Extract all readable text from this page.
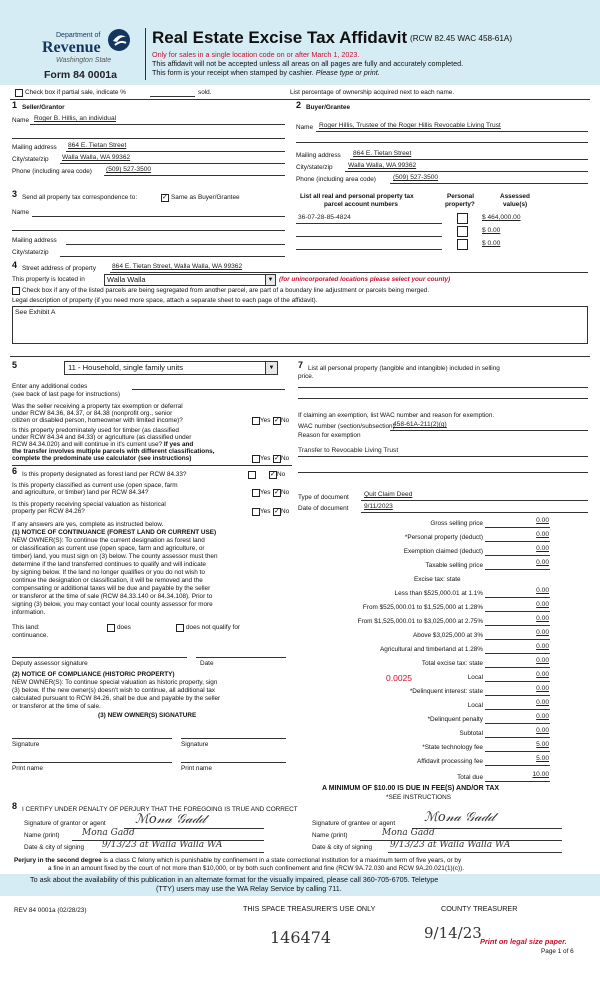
Department of
Revenue
Washington State
Form 84 0001a
Real Estate Excise Tax Affidavit (RCW 82.45 WAC 458-61A)
Only for sales in a single location code on or after March 1, 2023.
This affidavit will not be accepted unless all areas on all pages are fully and accurately completed.
This form is your receipt when stamped by cashier. Please type or print.
Check box if partial sale, indicate %	sold.	List percentage of ownership acquired next to each name.
1 Seller/Grantor
Name Roger B. Hillis, an individual
Mailing address 864 E. Tietan Street
City/state/zip Walla Walla, WA 99362
Phone (including area code) (509) 527-3500
2 Buyer/Grantee
Name Roger Hillis, Trustee of the Roger Hillis Revocable Living Trust
Mailing address 864 E. Tietan Street
City/state/zip Walla Walla, WA 99362
Phone (including area code)	(509) 527-3500
3 Send all property tax correspondence to: ✓	Same as Buyer/Grantee
Name
Mailing address
City/state/zip
List all real and personal property tax
parcel account numbers
Personal
property?
Assessed
value(s)
36-07-28-85-4824	$ 464,000.00
$ 0.00
$ 0.00
4 Street address of property 864 E. Tietan Street, Walla Walla, WA 99362
This property is located in	Walla Walla	▼ (for unincorporated locations please select your county)
Check box if any of the listed parcels are being segregated from another parcel, are part of a boundary line adjustment or parcels being merged.
Legal description of property (if you need more space, attach a separate sheet to each page of the affidavit).
See Exhibit A
5	11 - Household, single family units	▼
Enter any additional codes
(see back of last page for instructions)
Was the seller receiving a property tax exemption or deferral
under RCW 84.36, 84.37, or 84.38 (nonprofit org., senior
citizen or disabled person, homeowner with limited income)?	Yes ✓ No
Is this property predominately used for timber (as classified
under RCW 84.34 and 84.33) or agriculture (as classified under
RCW 84.34.020) and will continue in it's current use? If yes and
the transfer involves multiple parcels with different classifications,
complete the predominate use calculator (see instructions)	Yes ✓ No
6 Is this property designated as forest land per RCW 84.33? ✓	No
Is this property classified as current use (open space, farm
and agriculture, or timber) land per RCW 84.34?	Yes ✓ No
Is this property receiving special valuation as historical
property per RCW 84.26?	Yes ✓ No
If any answers are yes, complete as instructed below.
(1) NOTICE OF CONTINUANCE (FOREST LAND OR CURRENT USE)
NEW OWNER(S): To continue the current designation as forest land
or classification as current use (open space, farm and agriculture, or
timber) land, you must sign on (3) below. The county assessor must then
determine if the land transferred continues to qualify and will indicate
by signing below. If the land no longer qualifies or you do not wish to
continue the designation or classification, it will be removed and the
compensating or additional taxes will be due and payable by the seller
or transferor at the time of sale (RCW 84.33.140 or 84.34.108). Prior to
signing (3) below, you may contact your local county assessor for more
information.
This land:	does	does not qualify for
continuance.
Deputy assessor signature	Date
(2) NOTICE OF COMPLIANCE (HISTORIC PROPERTY)
NEW OWNER(S): To continue special valuation as historic property, sign
(3) below. If the new owner(s) doesn't wish to continue, all additional tax
calculated pursuant to RCW 84.26, shall be due and payable by the seller
or transferor at the time of sale.
(3) NEW OWNER(S) SIGNATURE
Signature	Signature
Print name	Print name
7 List all personal property (tangible and intangible) included in selling
price.
If claiming an exemption, list WAC number and reason for exemption.
WAC number (section/subsection)
458-61A-211(2)(g)
Reason for exemption
Transfer to Revocable Living Trust
Type of document Quit Claim Deed
Date of document 9/11/2023
Gross selling price	0.00
*Personal property (deduct)	0.00
Exemption claimed (deduct)	0.00
Taxable selling price	0.00
Excise tax: state
Less than $525,000.01 at 1.1%	0.00
From $525,000.01 to $1,525,000 at 1.28%	0.00
From $1,525,000.01 to $3,025,000 at 2.75%	0.00
Above $3,025,000 at 3%	0.00
Agricultural and timberland at 1.28%	0.00
Total excise tax: state	0.00
0.0025	Local	0.00
*Delinquent interest: state	0.00
Local	0.00
*Delinquent penalty	0.00
Subtotal	0.00
*State technology fee	5.00
Affidavit processing fee	5.00
Total due	10.00
A MINIMUM OF $10.00 IS DUE IN FEE(S) AND/OR TAX
*SEE INSTRUCTIONS
8 I CERTIFY UNDER PENALTY OF PERJURY THAT THE FOREGOING IS TRUE AND CORRECT
Signature of grantor or agent ℳ𝑜𝓃𝒶 𝒢𝒶𝒹𝒹
Name (print) Mona Gadd
Date & city of signing 9/13/23 at Walla Walla WA
Signature of grantee or agent ℳ𝑜𝓃𝒶 𝒢𝒶𝒹𝒹
Name (print)	Mona Gadd
Date & city of signing 9/13/23 at Walla Walla WA
Perjury in the second degree is a class C felony which is punishable by confinement in a state correctional institution for a maximum term of five years, or by
a fine in an amount fixed by the court of not more than $10,000, or by both such confinement and fine (RCW 9A.72.030 and RCW 9A.20.021(1)(c)).
To ask about the availability of this publication in an alternate format for the visually impaired, please call 360-705-6705. Teletype
(TTY) users may use the WA Relay Service by calling 711.
REV 84 0001a (02/28/23)	THIS SPACE TREASURER'S USE ONLY	COUNTY TREASURER
146474	9/14/23
Print on legal size paper.
Page 1 of 6
